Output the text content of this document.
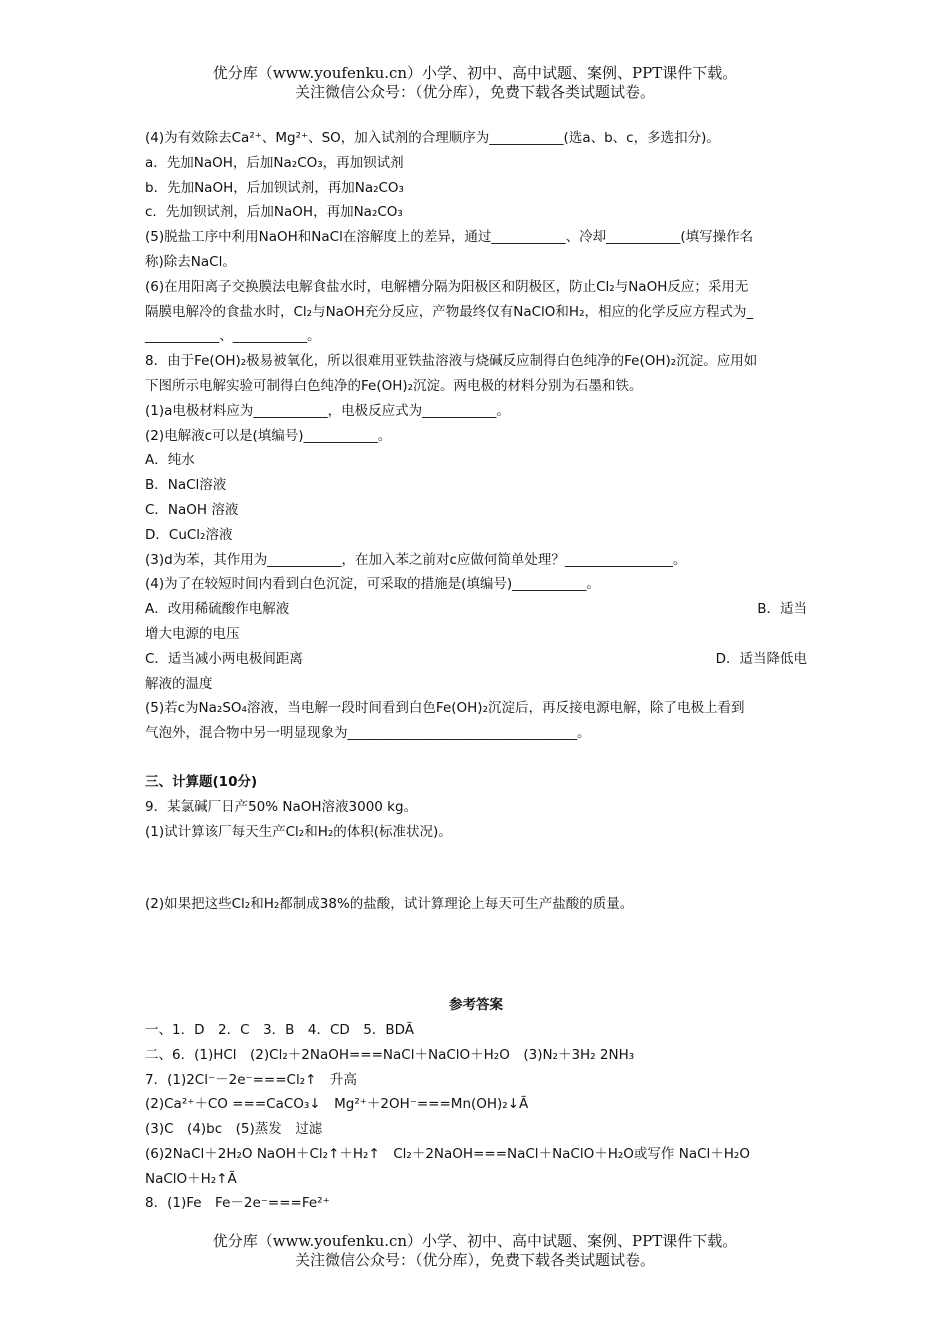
优分库（www.youfenku.cn）小学、初中、高中试题、案例、PPT课件下载。
关注微信公众号：（优分库），免费下载各类试题试卷。
(4)为有效除去Ca²⁺、Mg²⁺、SO，加入试剂的合理顺序为___________(选a、b、c，多选扣分)。
a．先加NaOH，后加Na₂CO₃，再加钡试剂
b．先加NaOH，后加钡试剂，再加Na₂CO₃
c．先加钡试剂，后加NaOH，再加Na₂CO₃
(5)脱盐工序中利用NaOH和NaCl在溶解度上的差异，通过___________、冷却___________(填写操作名
称)除去NaCl。
(6)在用阳离子交换膜法电解食盐水时，电解槽分隔为阳极区和阴极区，防止Cl₂与NaOH反应；采用无
隔膜电解冷的食盐水时，Cl₂与NaOH充分反应，产物最终仅有NaClO和H₂，相应的化学反应方程式为_
___________、___________。
8．由于Fe(OH)₂极易被氧化，所以很难用亚铁盐溶液与烧碱反应制得白色纯净的Fe(OH)₂沉淀。应用如
下图所示电解实验可制得白色纯净的Fe(OH)₂沉淀。两电极的材料分别为石墨和铁。
(1)a电极材料应为___________，电极反应式为___________。
(2)电解液c可以是(填编号)___________。
A．纯水
B．NaCl溶液
C．NaOH 溶液
D．CuCl₂溶液
(3)d为苯，其作用为___________，在加入苯之前对c应做何简单处理？________________。
(4)为了在较短时间内看到白色沉淀，可采取的措施是(填编号)___________。
A．改用稀硫酸作电解液	B．适当
增大电源的电压
C．适当减小两电极间距离	D．适当降低电
解液的温度
(5)若c为Na₂SO₄溶液，当电解一段时间看到白色Fe(OH)₂沉淀后，再反接电源电解，除了电极上看到
气泡外，混合物中另一明显现象为__________________________________。
三、计算题(10分)
9．某氯碱厂日产50% NaOH溶液3000 kg。
(1)试计算该厂每天生产Cl₂和H₂的体积(标准状况)。
(2)如果把这些Cl₂和H₂都制成38%的盐酸，试计算理论上每天可生产盐酸的质量。
参考答案
一、1．D　2．C　3．B　4．CD　5．BDÃ
二、6．(1)HCl　(2)Cl₂＋2NaOH===NaCl＋NaClO＋H₂O　(3)N₂＋3H₂ 2NH₃
7．(1)2Cl⁻－2e⁻===Cl₂↑　升高
(2)Ca²⁺＋CO ===CaCO₃↓　Mg²⁺＋2OH⁻===Mn(OH)₂↓Ã
(3)C　(4)bc　(5)蒸发　过滤
(6)2NaCl＋2H₂O NaOH＋Cl₂↑＋H₂↑　Cl₂＋2NaOH===NaCl＋NaClO＋H₂O或写作 NaCl＋H₂O
NaClO＋H₂↑Ã
8．(1)Fe　Fe－2e⁻===Fe²⁺
优分库（www.youfenku.cn）小学、初中、高中试题、案例、PPT课件下载。
关注微信公众号：（优分库），免费下载各类试题试卷。
